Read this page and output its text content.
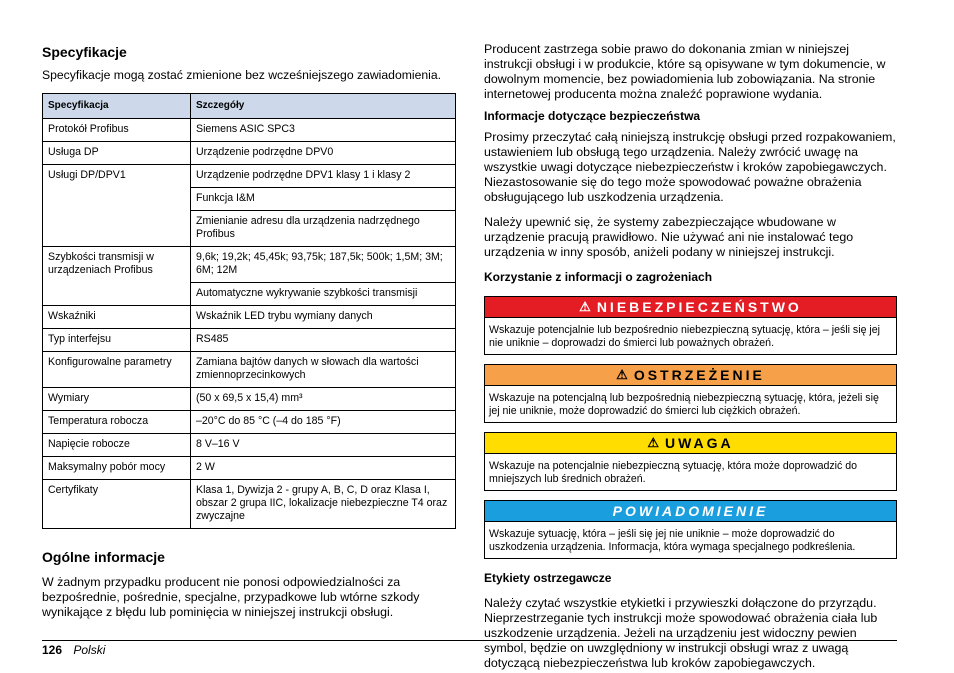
Specyfikacje

Specyfikacje mogą zostać zmienione bez wcześniejszego zawiadomienia.

Specyfikacja	Szczegóły
Protokół Profibus	Siemens ASIC SPC3
Usługa DP	Urządzenie podrzędne DPV0
Usługi DP/DPV1	Urządzenie podrzędne DPV1 klasy 1 i klasy 2
	Funkcja I&M
	Zmienianie adresu dla urządzenia nadrzędnego Profibus
Szybkości transmisji w urządzeniach Profibus	9,6k; 19,2k; 45,45k; 93,75k; 187,5k; 500k; 1,5M; 3M; 6M; 12M
	Automatyczne wykrywanie szybkości transmisji
Wskaźniki	Wskaźnik LED trybu wymiany danych
Typ interfejsu	RS485
Konfigurowalne parametry	Zamiana bajtów danych w słowach dla wartości zmiennoprzecinkowych
Wymiary	(50 x 69,5 x 15,4) mm³
Temperatura robocza	–20°C do 85 °C (–4 do 185 °F)
Napięcie robocze	8 V–16 V
Maksymalny pobór mocy	2 W
Certyfikaty	Klasa 1, Dywizja 2 - grupy A, B, C, D oraz Klasa I, obszar 2 grupa IIC, lokalizacje niebezpieczne T4 oraz zwyczajne
Ogólne informacje

W żadnym przypadku producent nie ponosi odpowiedzialności za bezpośrednie, pośrednie, specjalne, przypadkowe lub wtórne szkody wynikające z błędu lub pominięcia w niniejszej instrukcji obsługi.

Producent zastrzega sobie prawo do dokonania zmian w niniejszej instrukcji obsługi i w produkcie, które są opisywane w tym dokumencie, w dowolnym momencie, bez powiadomienia lub zobowiązania. Na stronie internetowej producenta można znaleźć poprawione wydania.

Informacje dotyczące bezpieczeństwa

Prosimy przeczytać całą niniejszą instrukcję obsługi przed rozpakowaniem, ustawieniem lub obsługą tego urządzenia. Należy zwrócić uwagę na wszystkie uwagi dotyczące niebezpieczeństw i kroków zapobiegawczych. Niezastosowanie się do tego może spowodować poważne obrażenia obsługującego lub uszkodzenia urządzenia.

Należy upewnić się, że systemy zabezpieczające wbudowane w urządzenie pracują prawidłowo. Nie używać ani nie instalować tego urządzenia w inny sposób, aniżeli podany w niniejszej instrukcji.

Korzystanie z informacji o zagrożeniach
⚠ NIEBEZPIECZEŃSTWO
Wskazuje potencjalnie lub bezpośrednio niebezpieczną sytuację, która – jeśli się jej nie uniknie – doprowadzi do śmierci lub poważnych obrażeń.
⚠ OSTRZEŻENIE
Wskazuje na potencjalną lub bezpośrednią niebezpieczną sytuację, która, jeżeli się jej nie uniknie, może doprowadzić do śmierci lub ciężkich obrażeń.
⚠ UWAGA
Wskazuje na potencjalnie niebezpieczną sytuację, która może doprowadzić do mniejszych lub średnich obrażeń.
POWIADOMIENIE
Wskazuje sytuację, która – jeśli się jej nie uniknie – może doprowadzić do uszkodzenia urządzenia. Informacja, która wymaga specjalnego podkreślenia.
Etykiety ostrzegawcze

Należy czytać wszystkie etykietki i przywieszki dołączone do przyrządu. Nieprzestrzeganie tych instrukcji może spowodować obrażenia ciała lub uszkodzenie urządzenia. Jeżeli na urządzeniu jest widoczny pewien symbol, będzie on uwzględniony w instrukcji obsługi wraz z uwagą dotyczącą niebezpieczeństwa lub kroków zapobiegawczych.

126 Polski
